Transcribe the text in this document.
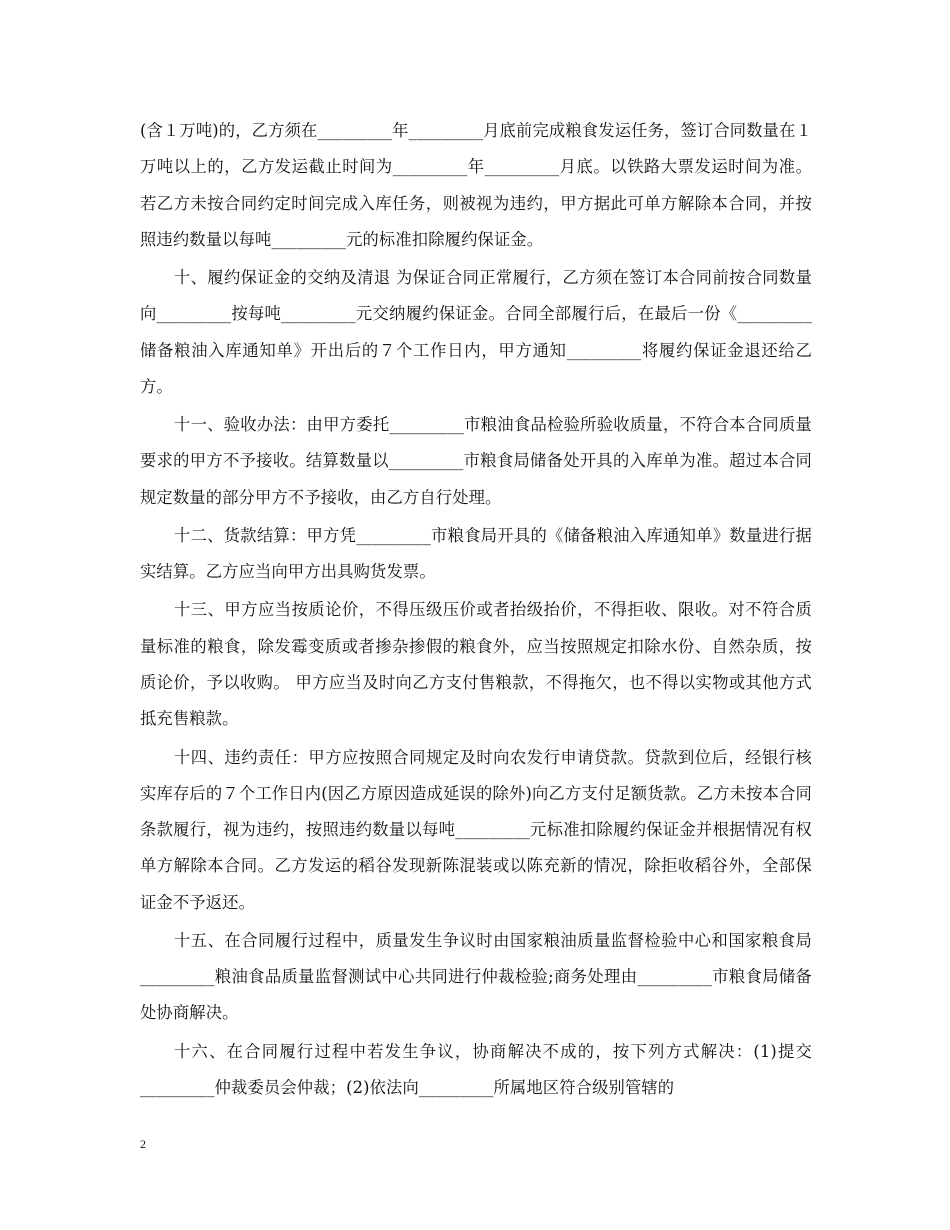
(含１万吨)的，乙方须在_________年_________月底前完成粮食发运任务，签订合同数量在１万吨以上的，乙方发运截止时间为_________年_________月底。以铁路大票发运时间为准。 若乙方未按合同约定时间完成入库任务，则被视为违约，甲方据此可单方解除本合同，并按照违约数量以每吨_________元的标准扣除履约保证金。

十、履约保证金的交纳及清退 为保证合同正常履行，乙方须在签订本合同前按合同数量向_________按每吨_________元交纳履约保证金。合同全部履行后，在最后一份《_________储备粮油入库通知单》开出后的７个工作日内，甲方通知_________将履约保证金退还给乙方。

十一、验收办法：由甲方委托_________市粮油食品检验所验收质量，不符合本合同质量要求的甲方不予接收。结算数量以_________市粮食局储备处开具的入库单为准。超过本合同规定数量的部分甲方不予接收，由乙方自行处理。

十二、货款结算：甲方凭_________市粮食局开具的《储备粮油入库通知单》数量进行据实结算。乙方应当向甲方出具购货发票。

十三、甲方应当按质论价，不得压级压价或者抬级抬价，不得拒收、限收。对不符合质量标准的粮食，除发霉变质或者掺杂掺假的粮食外，应当按照规定扣除水份、自然杂质，按质论价，予以收购。 甲方应当及时向乙方支付售粮款，不得拖欠，也不得以实物或其他方式抵充售粮款。

十四、违约责任：甲方应按照合同规定及时向农发行申请贷款。贷款到位后，经银行核实库存后的７个工作日内(因乙方原因造成延误的除外)向乙方支付足额货款。乙方未按本合同条款履行，视为违约，按照违约数量以每吨_________元标准扣除履约保证金并根据情况有权单方解除本合同。乙方发运的稻谷发现新陈混装或以陈充新的情况，除拒收稻谷外，全部保证金不予返还。

十五、在合同履行过程中，质量发生争议时由国家粮油质量监督检验中心和国家粮食局_________粮油食品质量监督测试中心共同进行仲裁检验;商务处理由_________市粮食局储备处协商解决。

十六、在合同履行过程中若发生争议，协商解决不成的，按下列方式解决：(1)提交_________仲裁委员会仲裁；(2)依法向_________所属地区符合级别管辖的

2
